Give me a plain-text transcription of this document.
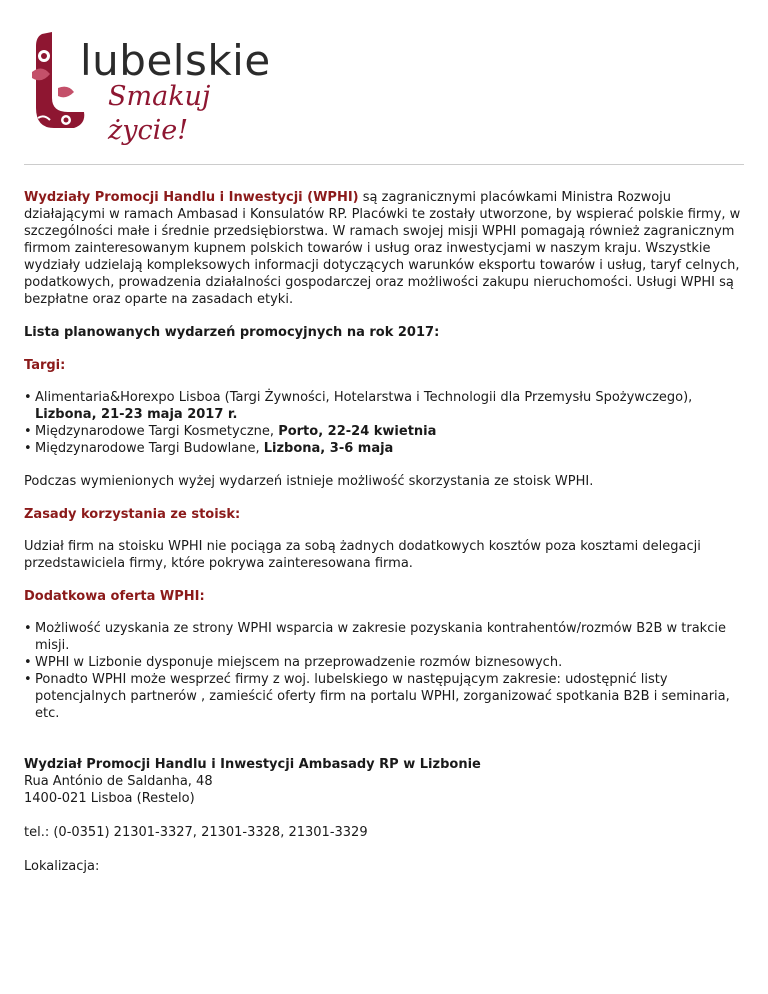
lubelskie
Smakuj życie!

Wydziały Promocji Handlu i Inwestycji (WPHI) są zagranicznymi placówkami Ministra Rozwoju działającymi w ramach Ambasad i Konsulatów RP. Placówki te zostały utworzone, by wspierać polskie firmy, w szczególności małe i średnie przedsiębiorstwa. W ramach swojej misji WPHI pomagają również zagranicznym firmom zainteresowanym kupnem polskich towarów i usług oraz inwestycjami w naszym kraju. Wszystkie wydziały udzielają kompleksowych informacji dotyczących warunków eksportu towarów i usług, taryf celnych, podatkowych, prowadzenia działalności gospodarczej oraz możliwości zakupu nieruchomości. Usługi WPHI są bezpłatne oraz oparte na zasadach etyki.

Lista planowanych wydarzeń promocyjnych na rok 2017:

Targi:

• Alimentaria&Horexpo Lisboa (Targi Żywności, Hotelarstwa i Technologii dla Przemysłu Spożywczego), Lizbona, 21-23 maja 2017 r.
• Międzynarodowe Targi Kosmetyczne, Porto, 22-24 kwietnia
• Międzynarodowe Targi Budowlane, Lizbona, 3-6 maja

Podczas wymienionych wyżej wydarzeń istnieje możliwość skorzystania ze stoisk WPHI.

Zasady korzystania ze stoisk:

Udział firm na stoisku WPHI nie pociąga za sobą żadnych dodatkowych kosztów poza kosztami delegacji przedstawiciela firmy, które pokrywa zainteresowana firma.

Dodatkowa oferta WPHI:

• Możliwość uzyskania ze strony WPHI wsparcia w zakresie pozyskania kontrahentów/rozmów B2B w trakcie misji.
• WPHI w Lizbonie dysponuje miejscem na przeprowadzenie rozmów biznesowych.
• Ponadto WPHI może wesprzeć firmy z woj. lubelskiego w następującym zakresie: udostępnić listy potencjalnych partnerów , zamieścić oferty firm na portalu WPHI, zorganizować spotkania B2B i seminaria, etc.

Wydział Promocji Handlu i Inwestycji Ambasady RP w Lizbonie

Rua António de Saldanha, 48

1400-021 Lisboa (Restelo)

tel.: (0-0351) 21301-3327, 21301-3328, 21301-3329

Lokalizacja:
